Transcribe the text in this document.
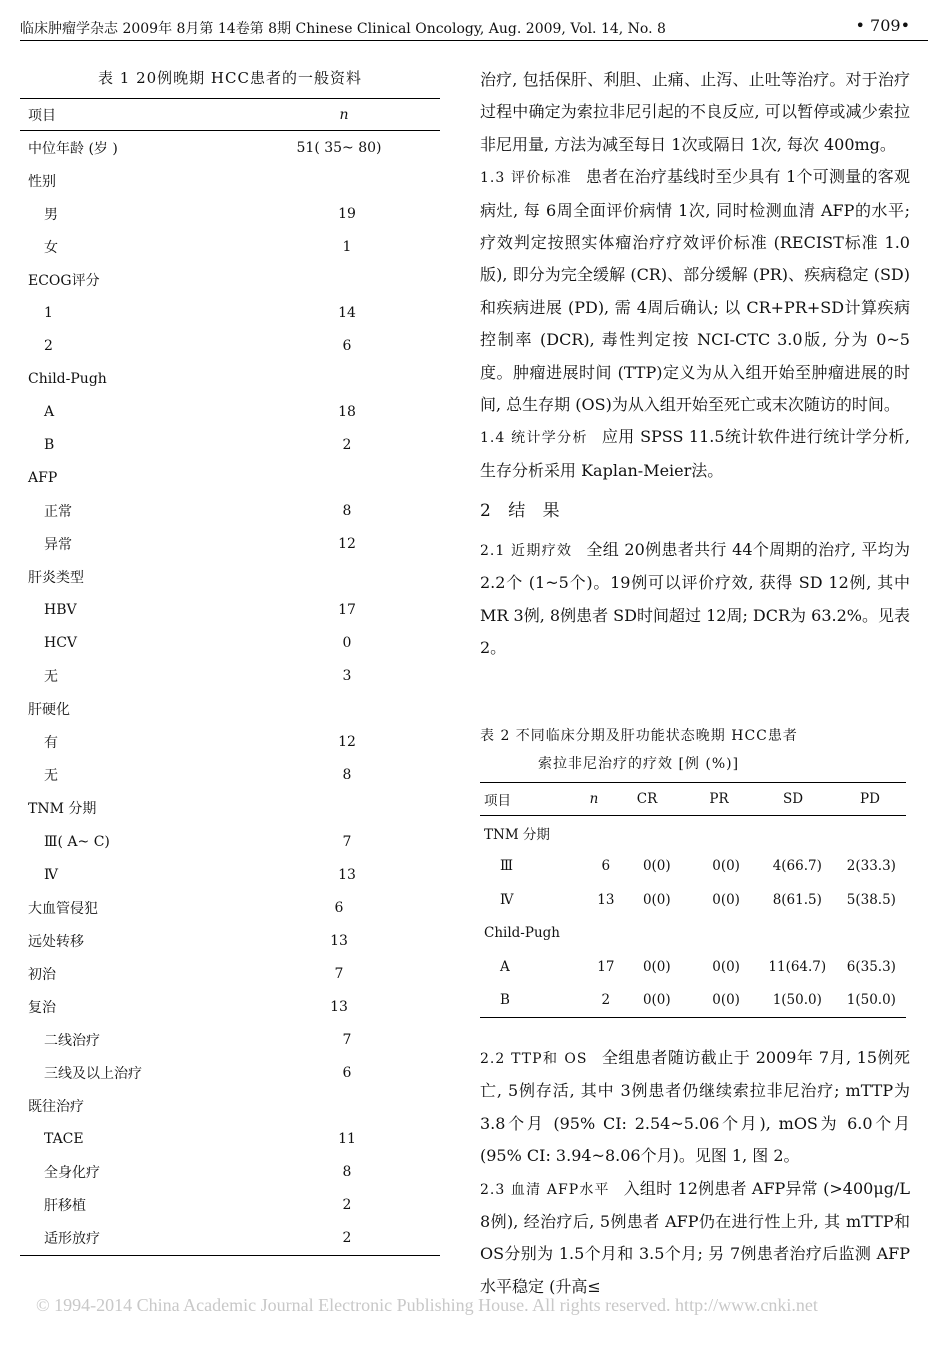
临床肿瘤学杂志 2009年 8月第 14卷第 8期 Chinese Clinical Oncology, Aug. 2009, Vol. 14, No. 8	• 709•
表 1 20例晚期 HCC患者的一般资料
项目	n
中位年龄 (岁 )	51( 35~ 80)
性别
男	19
女	1
ECOG评分
1	14
2	6
Child-Pugh
A	18
B	2
AFP
正常	8
异常	12
肝炎类型
HBV	17
HCV	0
无	3
肝硬化
有	12
无	8
TNM 分期
Ⅲ( A~ C)	7
Ⅳ	13
大血管侵犯	6
远处转移	13
初治	7
复治	13
二线治疗	7
三线及以上治疗	6
既往治疗
TACE	11
全身化疗	8
肝移植	2
适形放疗	2
治疗, 包括保肝、利胆、止痛、止泻、止吐等治疗。对于治疗过程中确定为索拉非尼引起的不良反应, 可以暂停或减少索拉非尼用量, 方法为减至每日 1次或隔日 1次, 每次 400mg。
1.3 评价标准 患者在治疗基线时至少具有 1个可测量的客观病灶, 每 6周全面评价病情 1次, 同时检测血清 AFP的水平; 疗效判定按照实体瘤治疗疗效评价标准 (RECIST标准 1.0版), 即分为完全缓解 (CR)、部分缓解 (PR)、疾病稳定 (SD)和疾病进展 (PD), 需 4周后确认; 以 CR+PR+SD计算疾病控制率 (DCR), 毒性判定按 NCI-CTC 3.0版, 分为 0~5度。肿瘤进展时间 (TTP)定义为从入组开始至肿瘤进展的时间, 总生存期 (OS)为从入组开始至死亡或末次随访的时间。
1.4 统计学分析 应用 SPSS 11.5统计软件进行统计学分析, 生存分析采用 Kaplan-Meier法。
2 结 果
2.1 近期疗效 全组 20例患者共行 44个周期的治疗, 平均为 2.2个 (1~5个)。19例可以评价疗效, 获得 SD 12例, 其中 MR 3例, 8例患者 SD时间超过 12周; DCR为 63.2%。见表 2。
表 2 不同临床分期及肝功能状态晚期 HCC患者
索拉非尼治疗的疗效 [例 (%)]
项目	n	CR	PR	SD	PD
TNM 分期
Ⅲ	6	0(0)	0(0)	4(66.7)	2(33.3)
Ⅳ	13	0(0)	0(0)	8(61.5)	5(38.5)
Child-Pugh
A	17	0(0)	0(0)	11(64.7)	6(35.3)
B	2	0(0)	0(0)	1(50.0)	1(50.0)
2.2 TTP和 OS 全组患者随访截止于 2009年 7月, 15例死亡, 5例存活, 其中 3例患者仍继续索拉非尼治疗; mTTP为 3.8个月 (95% CI: 2.54~5.06个月), mOS为 6.0个月 (95% CI: 3.94~8.06个月)。见图 1, 图 2。
2.3 血清 AFP水平 入组时 12例患者 AFP异常 (>400μg/L 8例), 经治疗后, 5例患者 AFP仍在进行性上升, 其 mTTP和 OS分别为 1.5个月和 3.5个月; 另 7例患者治疗后监测 AFP水平稳定 (升高≤
© 1994-2014 China Academic Journal Electronic Publishing House. All rights reserved. http://www.cnki.net
